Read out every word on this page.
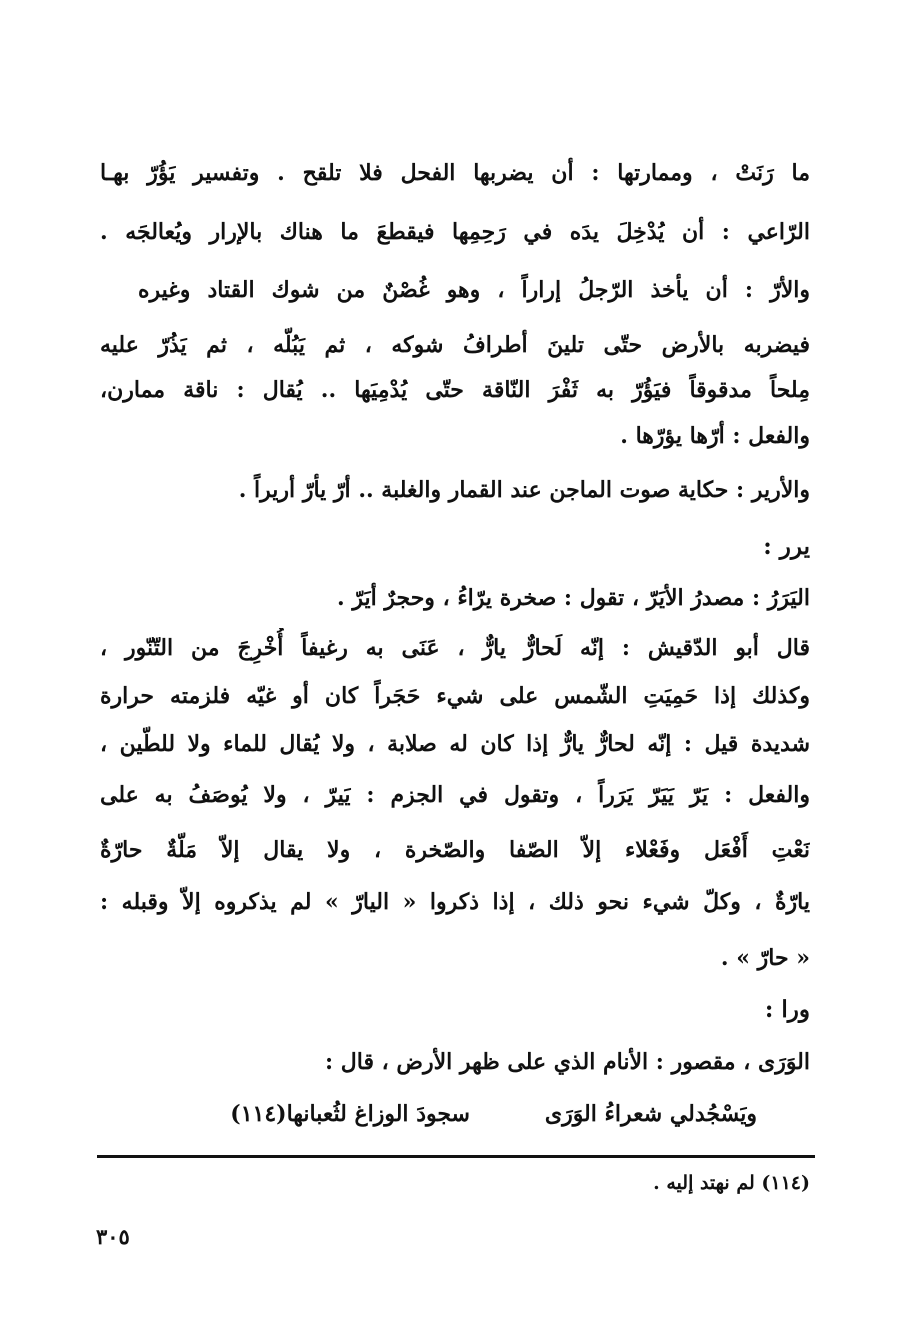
ما رَنَتْ ، وممارتها : أن يضربها الفحل فلا تلقح . وتفسير يَؤُرّ بهـا
الرّاعي : أن يُدْخِلَ يدَه في رَحِمِها فيقطعَ ما هناك بالإرار ويُعالجَه .
والأرّ : أن يأخذ الرّجلُ إراراً ، وهو غُصْنٌ من شوك القتاد وغيره
فيضربه بالأرض حتّى تلينَ أطرافُ شوكه ، ثم يَبُلّه ، ثم يَذُرّ عليه
مِلحاً مدقوقاً فيَؤُرّ به ثَفْرَ النّاقة حتّى يُدْمِيَها .. يُقال : ناقة ممارن،
والفعل : أرّها يؤرّها .
والأرير : حكاية صوت الماجن عند القمار والغلبة .. أرّ يأرّ أريراً .
يرر :
اليَرَرُ : مصدرُ الأيَرّ ، تقول : صخرة يرّاءُ ، وحجرٌ أيَرّ .
قال أبو الدّقيش : إنّه لَحارٌّ يارٌّ ، عَنَى به رغيفاً أُخْرِجَ من التّنّور ،
وكذلك إذا حَمِيَتِ الشّمس على شيء حَجَراً كان أو غيّه فلزمته حرارة
شديدة قيل : إنّه لحارٌّ يارٌّ إذا كان له صلابة ، ولا يُقال للماء ولا للطّين ،
والفعل : يَرّ يَيَرّ يَرَراً ، وتقول في الجزم : يَيرّ ، ولا يُوصَفُ به على
نَعْتِ أَفْعَل وفَعْلاء إلاّ الصّفا والصّخرة ، ولا يقال إلاّ مَلّةٌ حارّةٌ
يارّةٌ ، وكلّ شيء نحو ذلك ، إذا ذكروا « اليارّ » لم يذكروه إلاّ وقبله :
« حارّ » .
ورا :
الوَرَى ، مقصور : الأنام الذي على ظهر الأرض ، قال :
ويَسْجُدلي شعراءُ الوَرَى
سجودَ الوزاغ لثُعبانها(١١٤)
(١١٤) لم نهتد إليه .
٣٠٥
